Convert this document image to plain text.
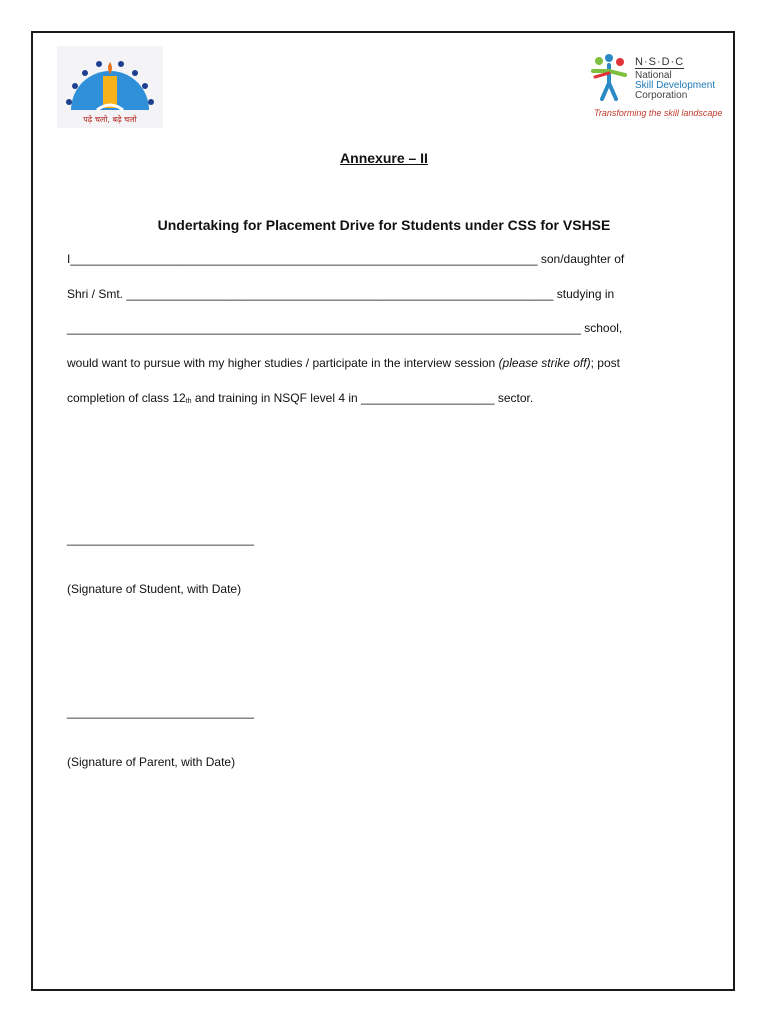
पढ़े चलो, बढ़े चलो
N·S·D·C
National
Skill Development
Corporation
Transforming the skill landscape
Annexure – II
Undertaking for Placement Drive for Students under CSS for VSHSE
I______________________________________________________________________ son/daughter of
Shri / Smt. ________________________________________________________________ studying in
_____________________________________________________________________________ school,
would want to pursue with my higher studies / participate in the interview session (please strike off); post
completion of class 12th and training in NSQF level 4 in ____________________ sector.
____________________________
(Signature of Student, with Date)
____________________________
(Signature of Parent, with Date)
